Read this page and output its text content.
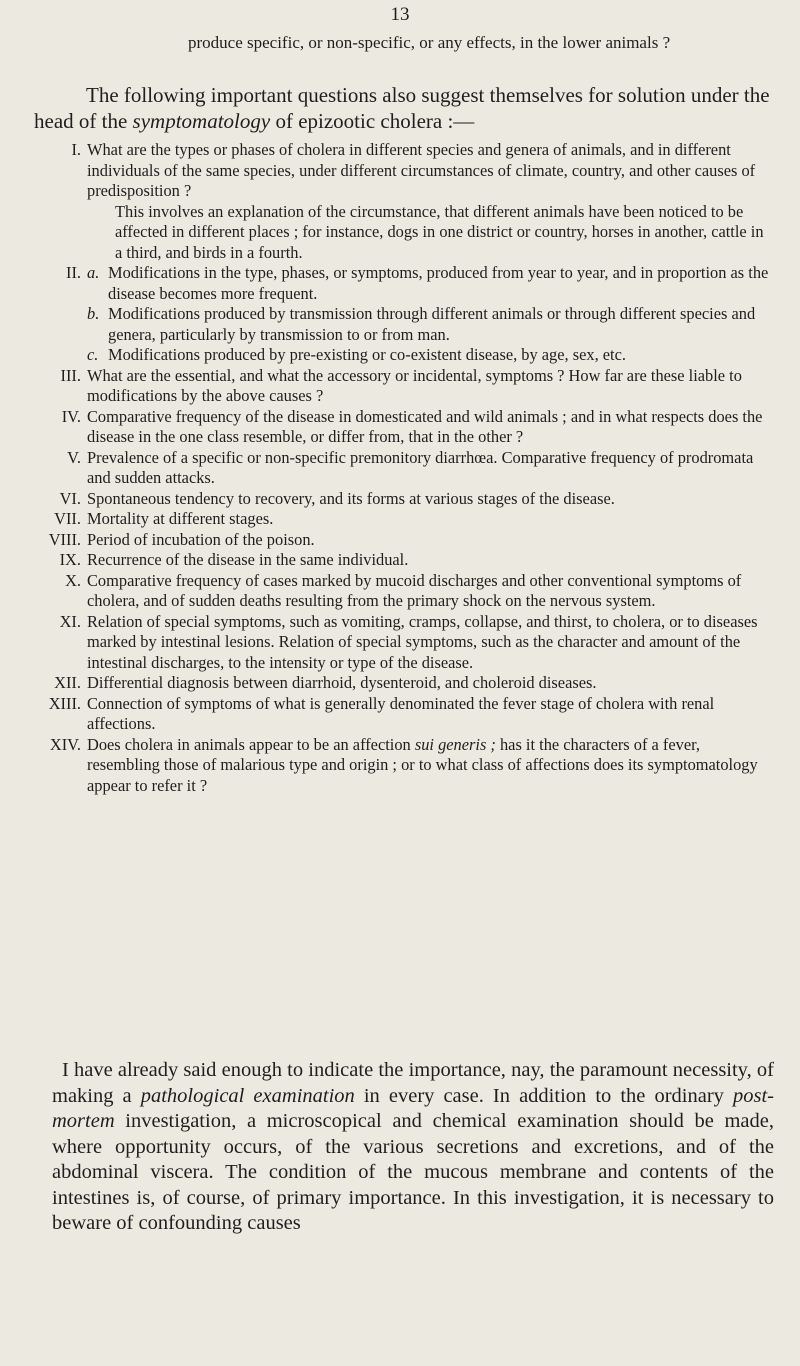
13
produce specific, or non-specific, or any effects, in the lower animals ?
The following important questions also suggest themselves for solution under the head of the symptomatology of epizootic cholera :—
I. What are the types or phases of cholera in different species and genera of animals, and in different individuals of the same species, under different circumstances of climate, country, and other causes of predisposition ?
This involves an explanation of the circumstance, that different animals have been noticed to be affected in different places ; for instance, dogs in one district or country, horses in another, cattle in a third, and birds in a fourth.
II. a. Modifications in the type, phases, or symptoms, produced from year to year, and in proportion as the disease becomes more frequent.
b. Modifications produced by transmission through different animals or through different species and genera, particularly by transmission to or from man.
c. Modifications produced by pre-existing or co-existent disease, by age, sex, etc.
III. What are the essential, and what the accessory or incidental, symptoms ? How far are these liable to modifications by the above causes ?
IV. Comparative frequency of the disease in domesticated and wild animals ; and in what respects does the disease in the one class resemble, or differ from, that in the other ?
V. Prevalence of a specific or non-specific premonitory diarrhœa. Comparative frequency of prodromata and sudden attacks.
VI. Spontaneous tendency to recovery, and its forms at various stages of the disease.
VII. Mortality at different stages.
VIII. Period of incubation of the poison.
IX. Recurrence of the disease in the same individual.
X. Comparative frequency of cases marked by mucoid discharges and other conventional symptoms of cholera, and of sudden deaths resulting from the primary shock on the nervous system.
XI. Relation of special symptoms, such as vomiting, cramps, collapse, and thirst, to cholera, or to diseases marked by intestinal lesions. Relation of special symptoms, such as the character and amount of the intestinal discharges, to the intensity or type of the disease.
XII. Differential diagnosis between diarrhoid, dysenteroid, and choleroid diseases.
XIII. Connection of symptoms of what is generally denominated the fever stage of cholera with renal affections.
XIV. Does cholera in animals appear to be an affection sui generis ; has it the characters of a fever, resembling those of malarious type and origin ; or to what class of affections does its symptomatology appear to refer it ?
I have already said enough to indicate the importance, nay, the paramount necessity, of making a pathological examination in every case. In addition to the ordinary post-mortem investigation, a microscopical and chemical examination should be made, where opportunity occurs, of the various secretions and excretions, and of the abdominal viscera. The condition of the mucous membrane and contents of the intestines is, of course, of primary importance. In this investigation, it is necessary to beware of confounding causes
